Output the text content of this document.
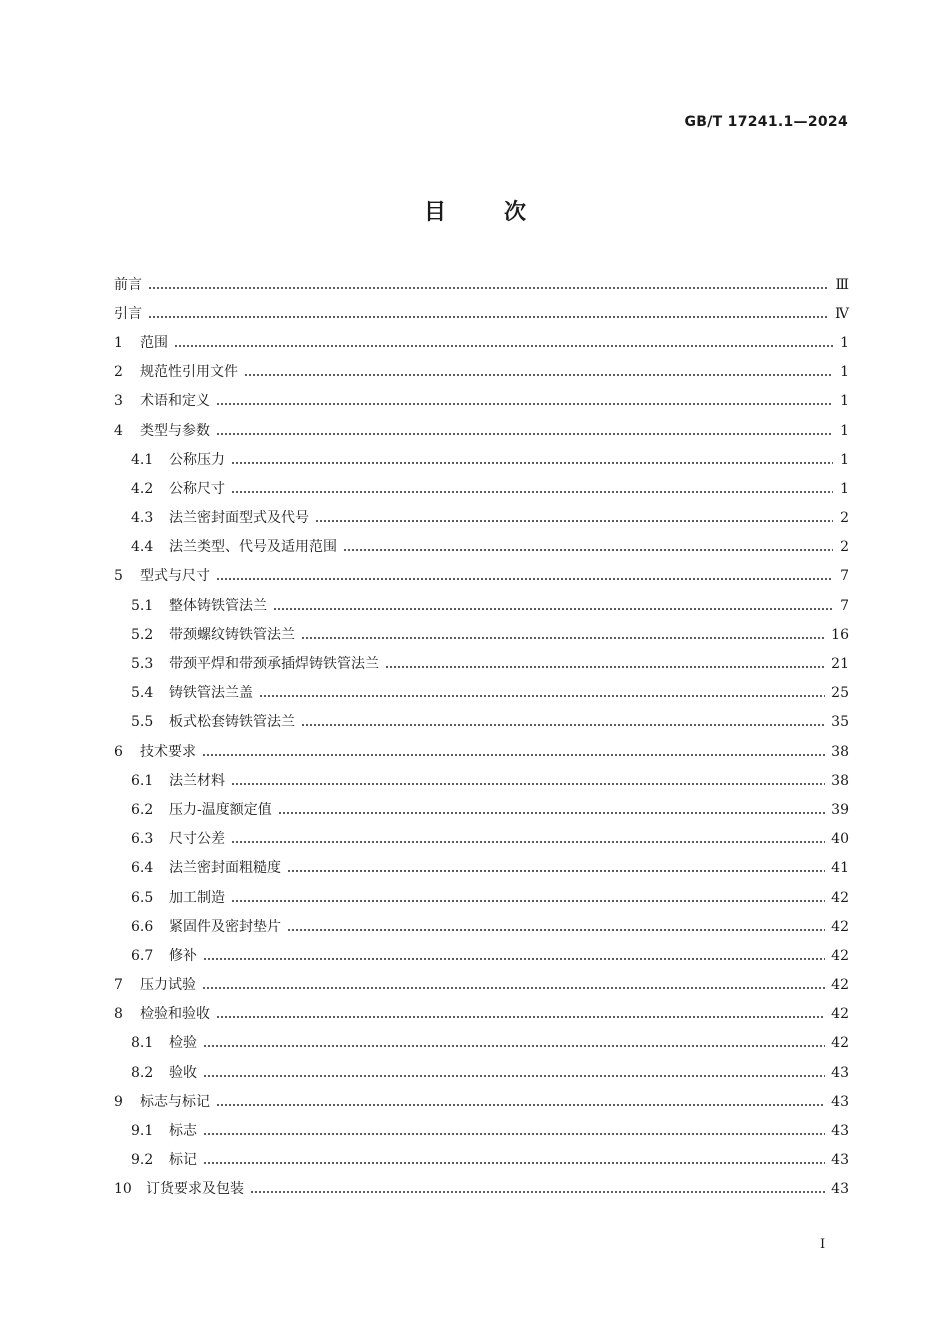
GB/T 17241.1—2024
目	次
前言	Ⅲ
引言	Ⅳ
1	范围	1
2	规范性引用文件	1
3	术语和定义	1
4	类型与参数	1
4.1	公称压力	1
4.2	公称尺寸	1
4.3	法兰密封面型式及代号	2
4.4	法兰类型、代号及适用范围	2
5	型式与尺寸	7
5.1	整体铸铁管法兰	7
5.2	带颈螺纹铸铁管法兰	16
5.3	带颈平焊和带颈承插焊铸铁管法兰	21
5.4	铸铁管法兰盖	25
5.5	板式松套铸铁管法兰	35
6	技术要求	38
6.1	法兰材料	38
6.2	压力-温度额定值	39
6.3	尺寸公差	40
6.4	法兰密封面粗糙度	41
6.5	加工制造	42
6.6	紧固件及密封垫片	42
6.7	修补	42
7	压力试验	42
8	检验和验收	42
8.1	检验	42
8.2	验收	43
9	标志与标记	43
9.1	标志	43
9.2	标记	43
10	订货要求及包装	43
I
